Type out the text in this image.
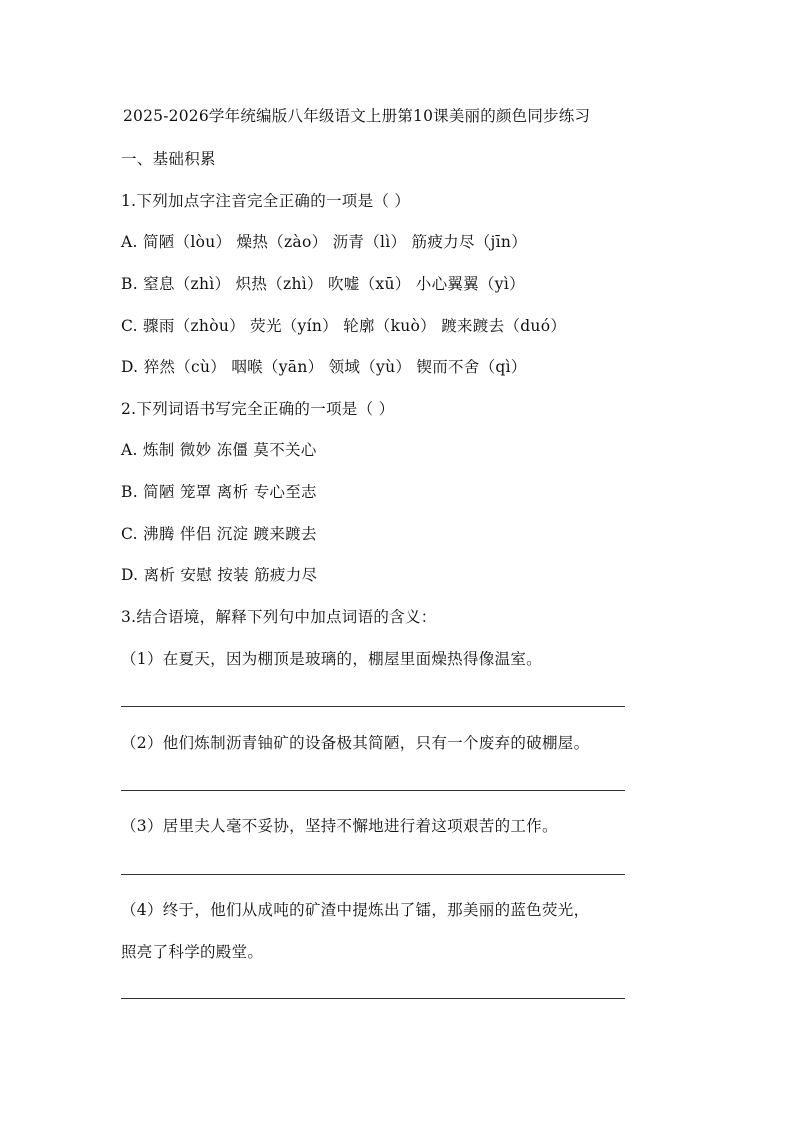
2025-2026学年统编版八年级语文上册第10课美丽的颜色同步练习
一、基础积累
1.下列加点字注音完全正确的一项是（ ）
A. 简陋（lòu） 燥热（zào） 沥青（lì） 筋疲力尽（jīn）
B. 窒息（zhì） 炽热（zhì） 吹嘘（xū） 小心翼翼（yì）
C. 骤雨（zhòu） 荧光（yín） 轮廓（kuò） 踱来踱去（duó）
D. 猝然（cù） 咽喉（yān） 领域（yù） 锲而不舍（qì）
2.下列词语书写完全正确的一项是（ ）
A. 炼制 微妙 冻僵 莫不关心
B. 简陋 笼罩 离析 专心至志
C. 沸腾 伴侣 沉淀 踱来踱去
D. 离析 安慰 按装 筋疲力尽
3.结合语境，解释下列句中加点词语的含义：
（1）在夏天，因为棚顶是玻璃的，棚屋里面燥热得像温室。
（2）他们炼制沥青铀矿的设备极其简陋，只有一个废弃的破棚屋。
（3）居里夫人毫不妥协，坚持不懈地进行着这项艰苦的工作。
（4）终于，他们从成吨的矿渣中提炼出了镭，那美丽的蓝色荧光，
照亮了科学的殿堂。
